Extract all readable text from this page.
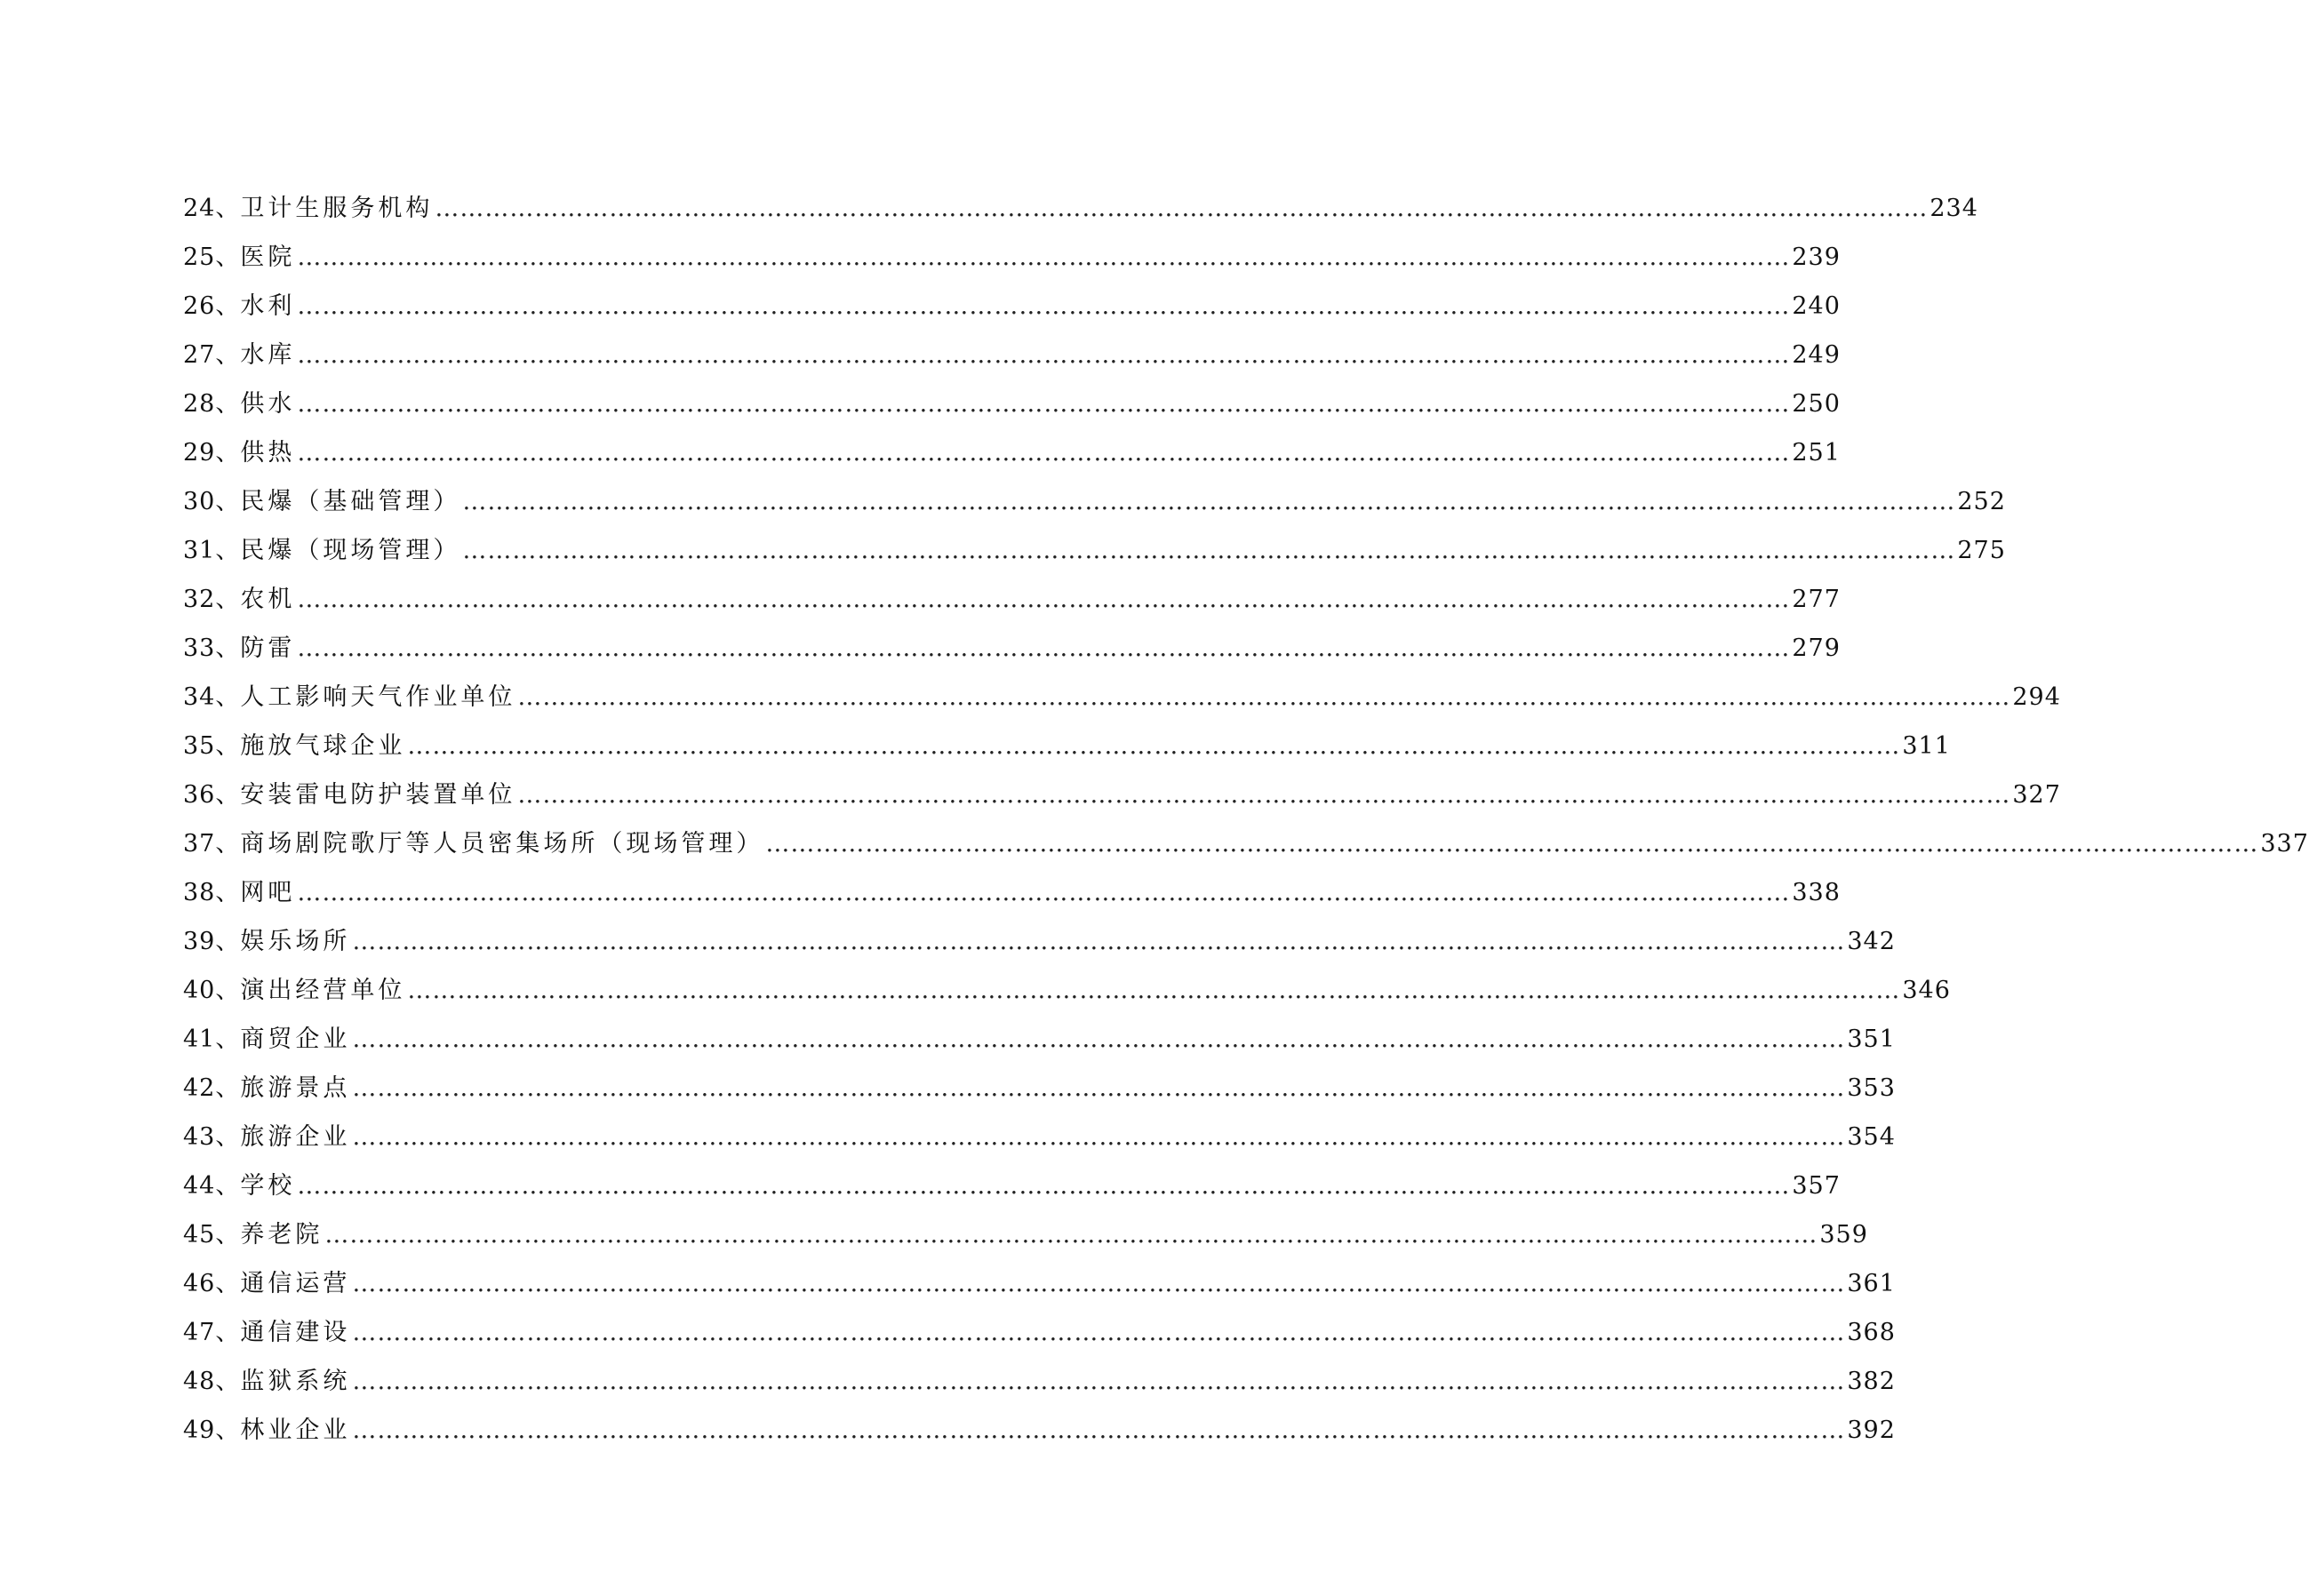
24、 卫计生服务机构 ……………………………………………………………………………………………………………………………………………………………… 234
25、 医院 ……………………………………………………………………………………………………………………………………………………………… 239
26、 水利 ……………………………………………………………………………………………………………………………………………………………… 240
27、 水库 ……………………………………………………………………………………………………………………………………………………………… 249
28、 供水 ……………………………………………………………………………………………………………………………………………………………… 250
29、 供热 ……………………………………………………………………………………………………………………………………………………………… 251
30、 民爆（基础管理） ……………………………………………………………………………………………………………………………………………………………… 252
31、 民爆（现场管理） ……………………………………………………………………………………………………………………………………………………………… 275
32、 农机 ……………………………………………………………………………………………………………………………………………………………… 277
33、 防雷 ……………………………………………………………………………………………………………………………………………………………… 279
34、 人工影响天气作业单位 ……………………………………………………………………………………………………………………………………………………………… 294
35、 施放气球企业 ……………………………………………………………………………………………………………………………………………………………… 311
36、 安装雷电防护装置单位 ……………………………………………………………………………………………………………………………………………………………… 327
37、 商场剧院歌厅等人员密集场所（现场管理） ……………………………………………………………………………………………………………………………………………………………… 337
38、 网吧 ……………………………………………………………………………………………………………………………………………………………… 338
39、 娱乐场所 ……………………………………………………………………………………………………………………………………………………………… 342
40、 演出经营单位 ……………………………………………………………………………………………………………………………………………………………… 346
41、 商贸企业 ……………………………………………………………………………………………………………………………………………………………… 351
42、 旅游景点 ……………………………………………………………………………………………………………………………………………………………… 353
43、 旅游企业 ……………………………………………………………………………………………………………………………………………………………… 354
44、 学校 ……………………………………………………………………………………………………………………………………………………………… 357
45、 养老院 ……………………………………………………………………………………………………………………………………………………………… 359
46、 通信运营 ……………………………………………………………………………………………………………………………………………………………… 361
47、 通信建设 ……………………………………………………………………………………………………………………………………………………………… 368
48、 监狱系统 ……………………………………………………………………………………………………………………………………………………………… 382
49、 林业企业 ……………………………………………………………………………………………………………………………………………………………… 392
